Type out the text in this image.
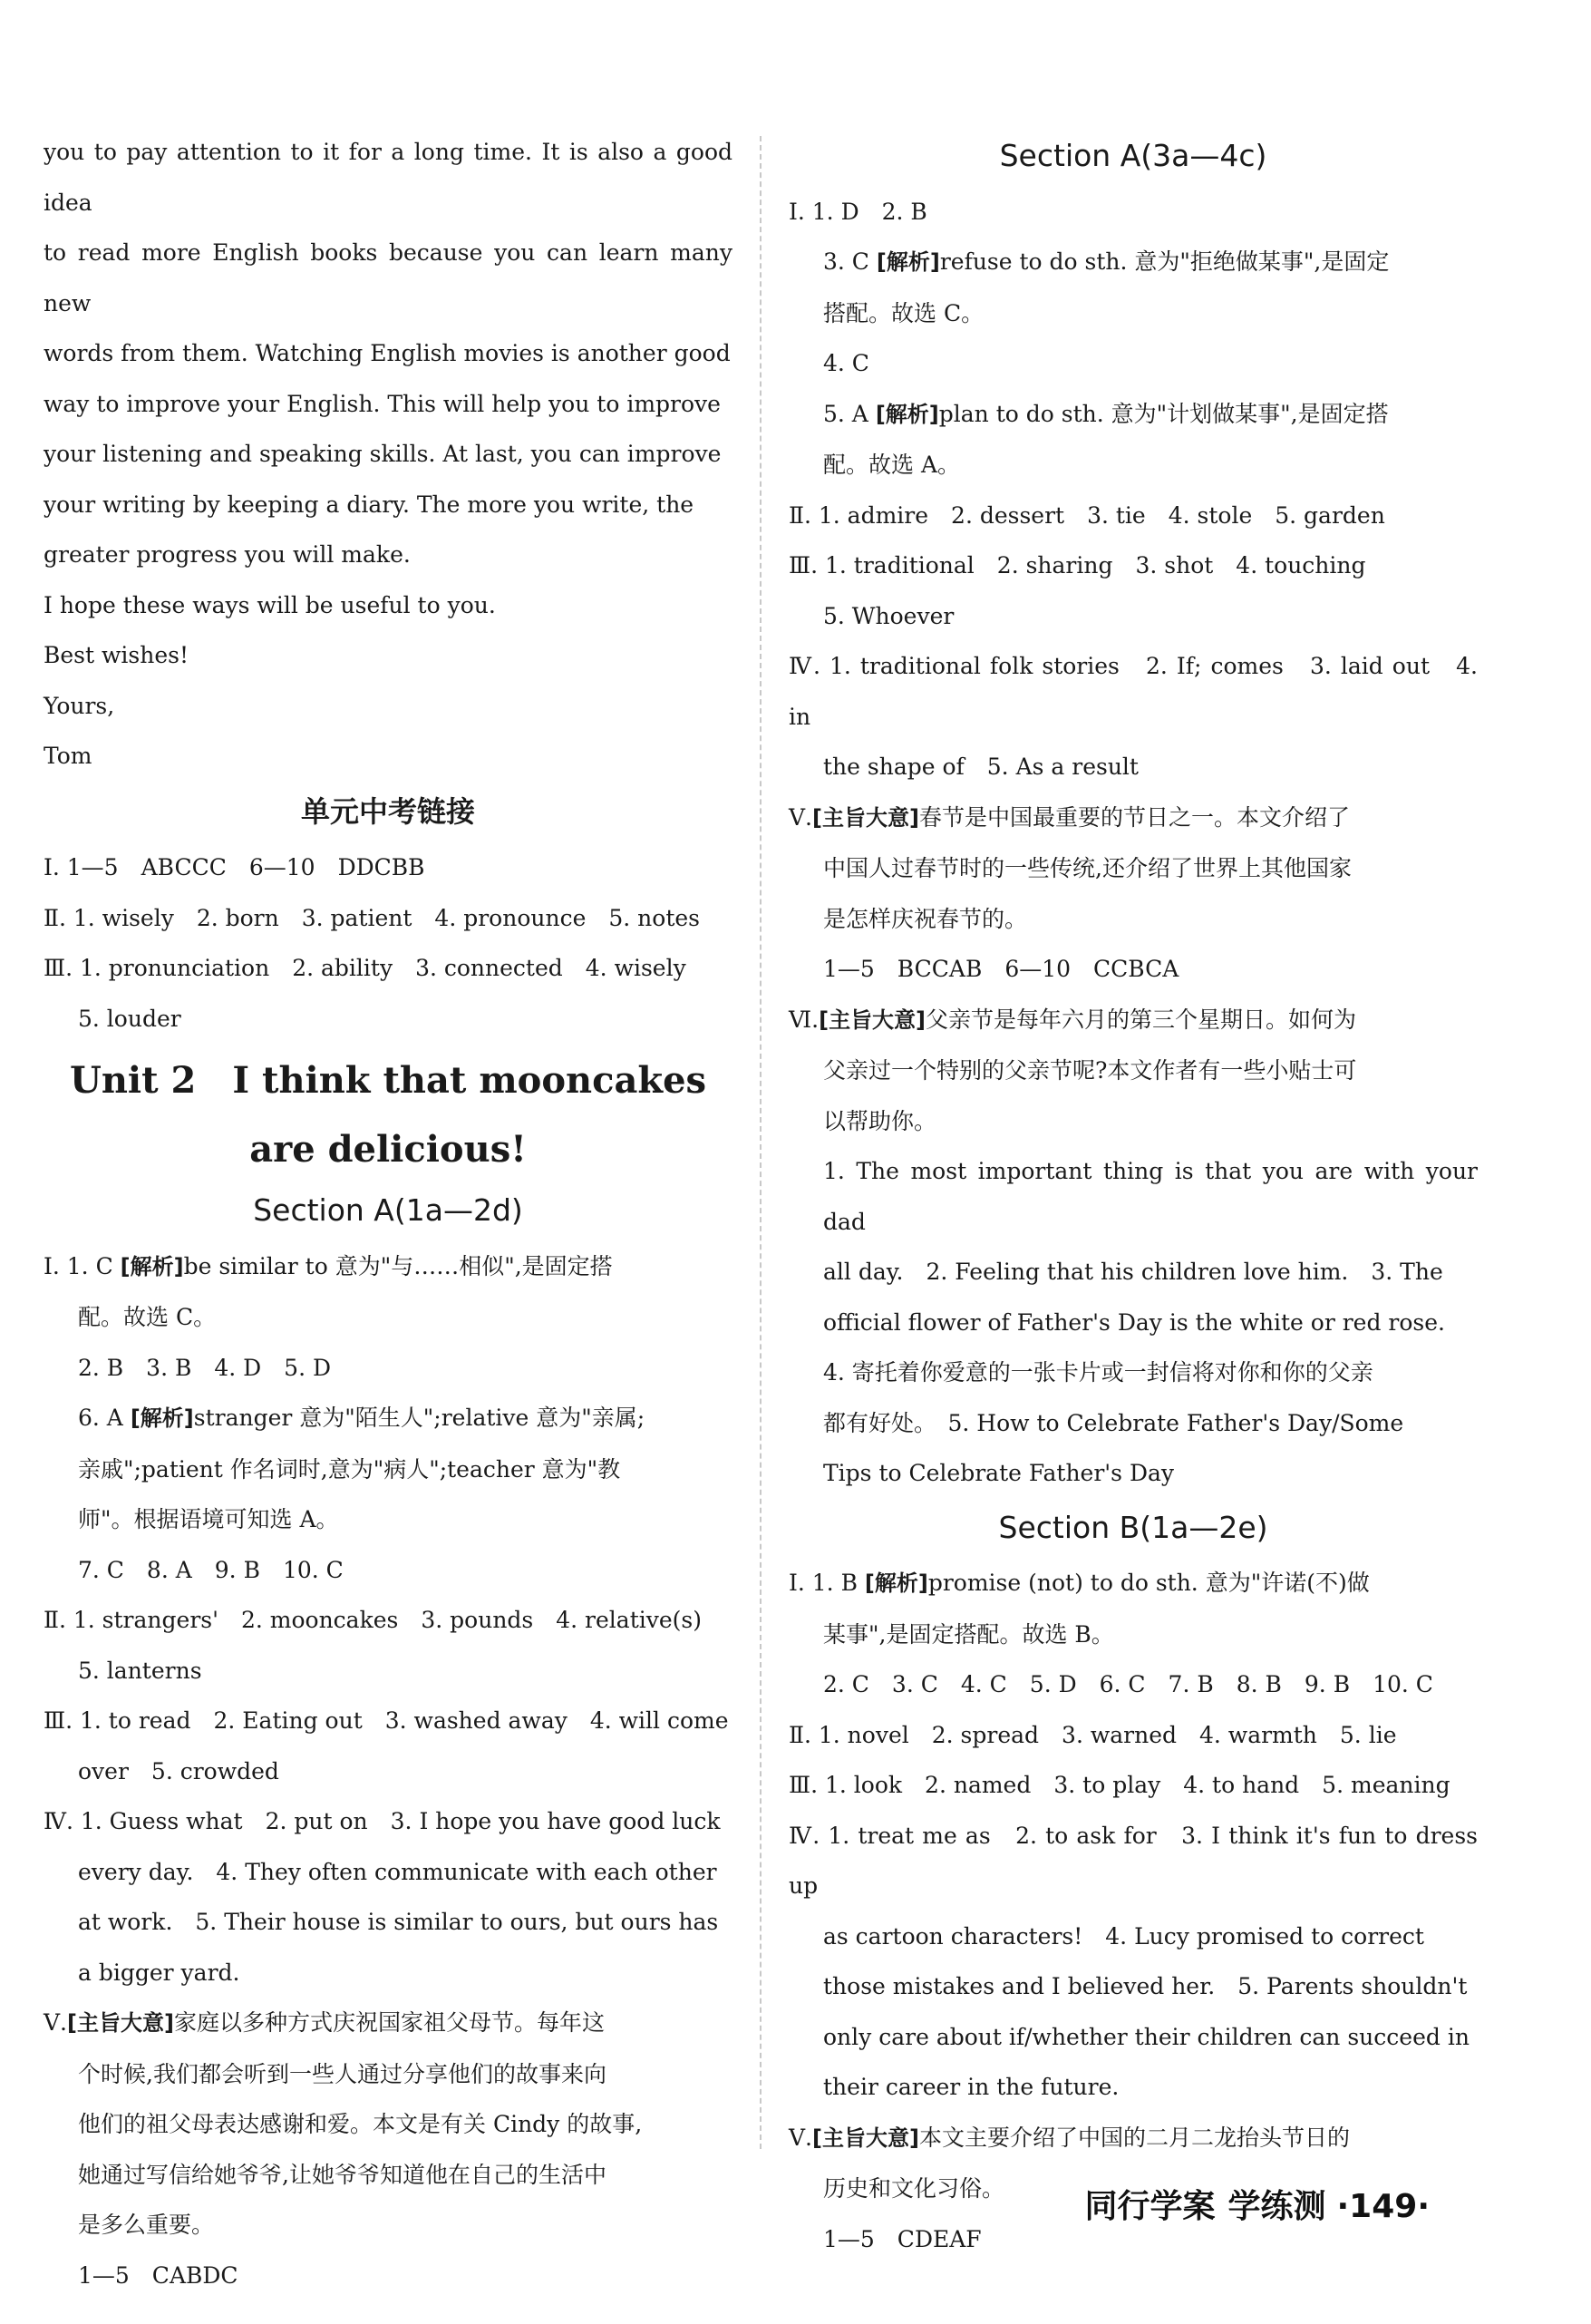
you to pay attention to it for a long time. It is also a good idea

to read more English books because you can learn many new

words from them. Watching English movies is another good

way to improve your English. This will help you to improve

your listening and speaking skills. At last, you can improve

your writing by keeping a diary. The more you write, the

greater progress you will make.

I hope these ways will be useful to you.

Best wishes!

Yours,

Tom

单元中考链接

Ⅰ. 1—5　ABCCC　6—10　DDCBB

Ⅱ. 1. wisely　2. born　3. patient　4. pronounce　5. notes

Ⅲ. 1. pronunciation　2. ability　3. connected　4. wisely

5. louder

Unit 2　I think that mooncakes
are delicious!
Section A(1a—2d)

Ⅰ. 1. C [解析]be similar to 意为"与……相似",是固定搭

配。故选 C。

2. B　3. B　4. D　5. D

6. A [解析]stranger 意为"陌生人";relative 意为"亲属;

亲戚";patient 作名词时,意为"病人";teacher 意为"教

师"。根据语境可知选 A。

7. C　8. A　9. B　10. C

Ⅱ. 1. strangers'　2. mooncakes　3. pounds　4. relative(s)

5. lanterns

Ⅲ. 1. to read　2. Eating out　3. washed away　4. will come

over　5. crowded

Ⅳ. 1. Guess what　2. put on　3. I hope you have good luck

every day.　4. They often communicate with each other

at work.　5. Their house is similar to ours, but ours has

a bigger yard.

Ⅴ.[主旨大意]家庭以多种方式庆祝国家祖父母节。每年这

个时候,我们都会听到一些人通过分享他们的故事来向

他们的祖父母表达感谢和爱。本文是有关 Cindy 的故事,

她通过写信给她爷爷,让她爷爷知道他在自己的生活中

是多么重要。

1—5　CABDC

Section A(3a—4c)

Ⅰ. 1. D　2. B

3. C [解析]refuse to do sth. 意为"拒绝做某事",是固定

搭配。故选 C。

4. C

5. A [解析]plan to do sth. 意为"计划做某事",是固定搭

配。故选 A。

Ⅱ. 1. admire　2. dessert　3. tie　4. stole　5. garden

Ⅲ. 1. traditional　2. sharing　3. shot　4. touching

5. Whoever

Ⅳ. 1. traditional folk stories　2. If; comes　3. laid out　4. in

the shape of　5. As a result

Ⅴ.[主旨大意]春节是中国最重要的节日之一。本文介绍了

中国人过春节时的一些传统,还介绍了世界上其他国家

是怎样庆祝春节的。

1—5　BCCAB　6—10　CCBCA

Ⅵ.[主旨大意]父亲节是每年六月的第三个星期日。如何为

父亲过一个特别的父亲节呢?本文作者有一些小贴士可

以帮助你。

1. The most important thing is that you are with your dad

all day.　2. Feeling that his children love him.　3. The

official flower of Father's Day is the white or red rose.

4. 寄托着你爱意的一张卡片或一封信将对你和你的父亲

都有好处。　5. How to Celebrate Father's Day/Some

Tips to Celebrate Father's Day

Section B(1a—2e)

Ⅰ. 1. B [解析]promise (not) to do sth. 意为"许诺(不)做

某事",是固定搭配。故选 B。

2. C　3. C　4. C　5. D　6. C　7. B　8. B　9. B　10. C

Ⅱ. 1. novel　2. spread　3. warned　4. warmth　5. lie

Ⅲ. 1. look　2. named　3. to play　4. to hand　5. meaning

Ⅳ. 1. treat me as　2. to ask for　3. I think it's fun to dress up

as cartoon characters!　4. Lucy promised to correct

those mistakes and I believed her.　5. Parents shouldn't

only care about if/whether their children can succeed in

their career in the future.

Ⅴ.[主旨大意]本文主要介绍了中国的二月二龙抬头节日的

历史和文化习俗。

1—5　CDEAF

同行学案 学练测 ·149·
